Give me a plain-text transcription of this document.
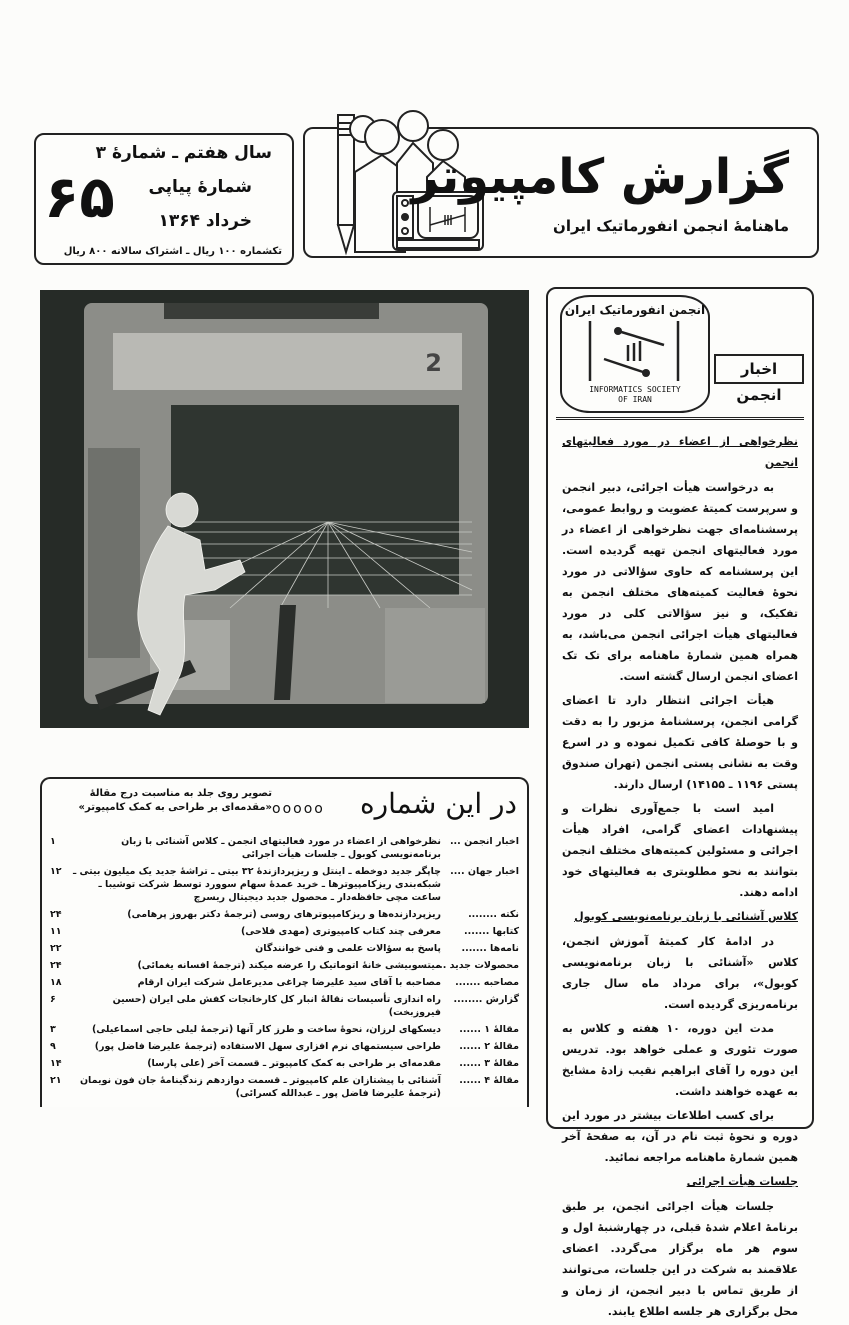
گزارش کامپیوتر
ماهنامهٔ انجمن انفورماتیک ایران
سال هفتم ـ شمارهٔ ۳
۶۵ شمارهٔ پیاپی
خرداد ۱۳۶۴
تکشماره ۱۰۰ ریال ـ اشتراک سالانه ۸۰۰ ریال
2
انجمن انفورماتیک ایران
INFORMATICS SOCIETY
OF IRAN
اخبار انجمن
نظرخواهی از اعضاء در مورد فعالیتهای انجمن

به درخواست هیأت اجرائی، دبیر انجمن و سرپرست کمیتهٔ عضویت و روابط عمومی، پرسشنامه‌ای جهت نظرخواهی از اعضاء در مورد فعالیتهای انجمن تهیه گردیده است. این پرسشنامه که حاوی سؤالاتی در مورد نحوهٔ فعالیت کمیته‌های مختلف انجمن به تفکیک، و نیز سؤالاتی کلی در مورد فعالیتهای هیأت اجرائی انجمن می‌باشد، به همراه همین شمارهٔ ماهنامه برای تک تک اعضای انجمن ارسال گشته است.

هیأت اجرائی انتظار دارد تا اعضای گرامی انجمن، پرسشنامهٔ مزبور را به دقت و با حوصلهٔ کافی تکمیل نموده و در اسرع وقت به نشانی پستی انجمن (تهران صندوق پستی ۱۱۹۶ ـ ۱۴۱۵۵) ارسال دارند.

امید است با جمع‌آوری نظرات و پیشنهادات اعضای گرامی، افراد هیأت اجرائی و مسئولین کمیته‌های مختلف انجمن بتوانند به نحو مطلوبتری به فعالیتهای خود ادامه دهند.

کلاس آشنائی با زبان برنامه‌نویسی کوبول

در ادامهٔ کار کمیتهٔ آموزش انجمن، کلاس «آشنائی با زبان برنامه‌نویسی کوبول»، برای مرداد ماه سال جاری برنامه‌ریزی گردیده است.

مدت این دوره، ۱۰ هفته و کلاس به صورت تئوری و عملی خواهد بود. تدریس این دوره را آقای ابراهیم نقیب زادهٔ مشایخ به عهده خواهند داشت.

برای کسب اطلاعات بیشتر در مورد این دوره و نحوهٔ ثبت نام در آن، به صفحهٔ آخر همین شمارهٔ ماهنامه مراجعه نمائید.

جلسات هیأت اجرائی

جلسات هیأت اجرائی انجمن، بر طبق برنامهٔ اعلام شدهٔ قبلی، در چهارشنبهٔ اول و سوم هر ماه برگزار می‌گردد. اعضای علاقمند به شرکت در این جلسات، می‌توانند از طریق تماس با دبیر انجمن، از زمان و محل برگزاری هر جلسه اطلاع یابند.

در این شماره
ooooo
تصویر روی جلد به مناسبت درج مقالهٔ «مقدمه‌ای بر طراحی به کمک کامپیوتر»
اخبار انجمن ...
نظرخواهی از اعضاء در مورد فعالیتهای انجمن ـ کلاس آشنائی با زبان برنامه‌نویسی کوبول ـ جلسات هیأت اجرائی
۱
اخبار جهان ....
چاپگر جدید دوخطه ـ اینتل و ریزپردازندهٔ ۳۲ بیتی ـ تراشهٔ جدید یک میلیون بیتی ـ شبکه‌بندی ریزکامپیوترها ـ خرید عمدهٔ سهام سوورد توسط شرکت توشیبا ـ ساعت مچی حافظه‌دار ـ محصول جدید دیجیتال ریسرچ
۱۲
نکته ........
ریزپردازنده‌ها و ریزکامپیوترهای روسی (ترجمهٔ دکتر بهروز پرهامی)
۲۴
کتابها .......
معرفی چند کتاب کامپیوتری (مهدی فلاحی)
۱۱
نامه‌ها .......
پاسخ به سؤالات علمی و فنی خوانندگان
۲۲
محصولات جدید ...
میتسوبیشی خانهٔ اتوماتیک را عرضه میکند (ترجمهٔ افسانه یغمائی)
۲۴
مصاحبه .......
مصاحبه با آقای سید علیرضا چراغی مدیرعامل شرکت ایران ارقام
۱۸
گزارش ........
راه اندازی تأسیسات نقالهٔ انبار کل کارخانجات کفش ملی ایران (حسین فیروزبخت)
۶
مقالهٔ ۱ ......
دیسکهای لرزان، نحوهٔ ساخت و طرز کار آنها (ترجمهٔ لیلی حاجی اسماعیلی)
۳
مقالهٔ ۲ ......
طراحی سیستمهای نرم افزاری سهل الاستفاده (ترجمهٔ علیرضا فاضل پور)
۹
مقالهٔ ۳ ......
مقدمه‌ای بر طراحی به کمک کامپیوتر ـ قسمت آخر (علی پارسا)
۱۴
مقالهٔ ۴ ......
آشنائی با پیشتازان علم کامپیوتر ـ قسمت دوازدهم زندگینامهٔ جان فون نویمان (ترجمهٔ علیرضا فاضل پور ـ عبدالله کسرائی)
۲۱
